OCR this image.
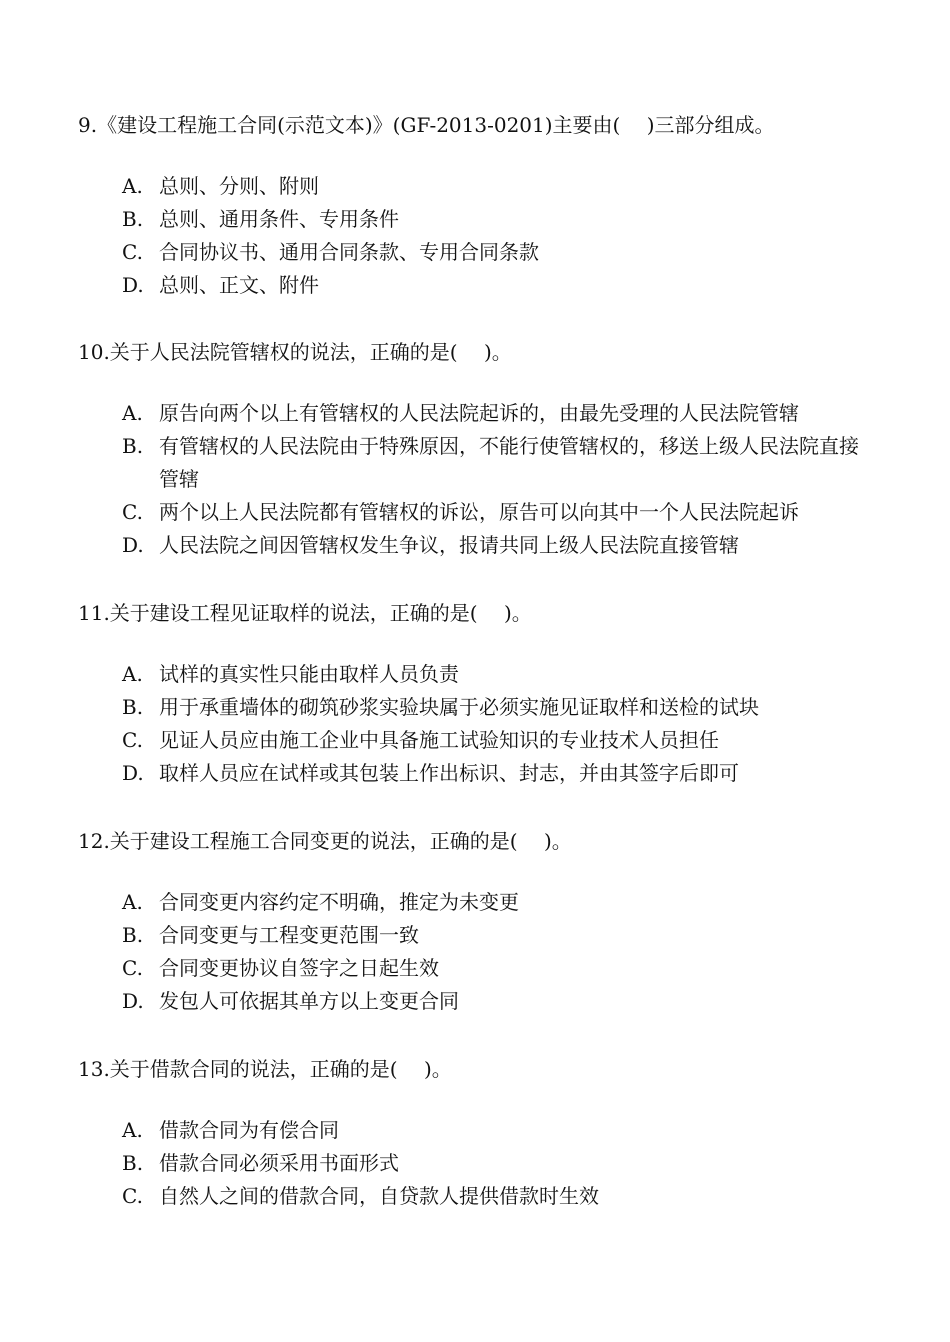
9.《建设工程施工合同(示范文本)》(GF-2013-0201)主要由(　 )三部分组成。
A. 总则、分则、附则
B. 总则、通用条件、专用条件
C. 合同协议书、通用合同条款、专用合同条款
D. 总则、正文、附件
10.关于人民法院管辖权的说法，正确的是(　 )。
A. 原告向两个以上有管辖权的人民法院起诉的，由最先受理的人民法院管辖
B. 有管辖权的人民法院由于特殊原因，不能行使管辖权的，移送上级人民法院直接管辖
C. 两个以上人民法院都有管辖权的诉讼，原告可以向其中一个人民法院起诉
D. 人民法院之间因管辖权发生争议，报请共同上级人民法院直接管辖
11.关于建设工程见证取样的说法，正确的是(　 )。
A. 试样的真实性只能由取样人员负责
B. 用于承重墙体的砌筑砂浆实验块属于必须实施见证取样和送检的试块
C. 见证人员应由施工企业中具备施工试验知识的专业技术人员担任
D. 取样人员应在试样或其包装上作出标识、封志，并由其签字后即可
12.关于建设工程施工合同变更的说法，正确的是(　 )。
A. 合同变更内容约定不明确，推定为未变更
B. 合同变更与工程变更范围一致
C. 合同变更协议自签字之日起生效
D. 发包人可依据其单方以上变更合同
13.关于借款合同的说法，正确的是(　 )。
A. 借款合同为有偿合同
B. 借款合同必须采用书面形式
C. 自然人之间的借款合同，自贷款人提供借款时生效
